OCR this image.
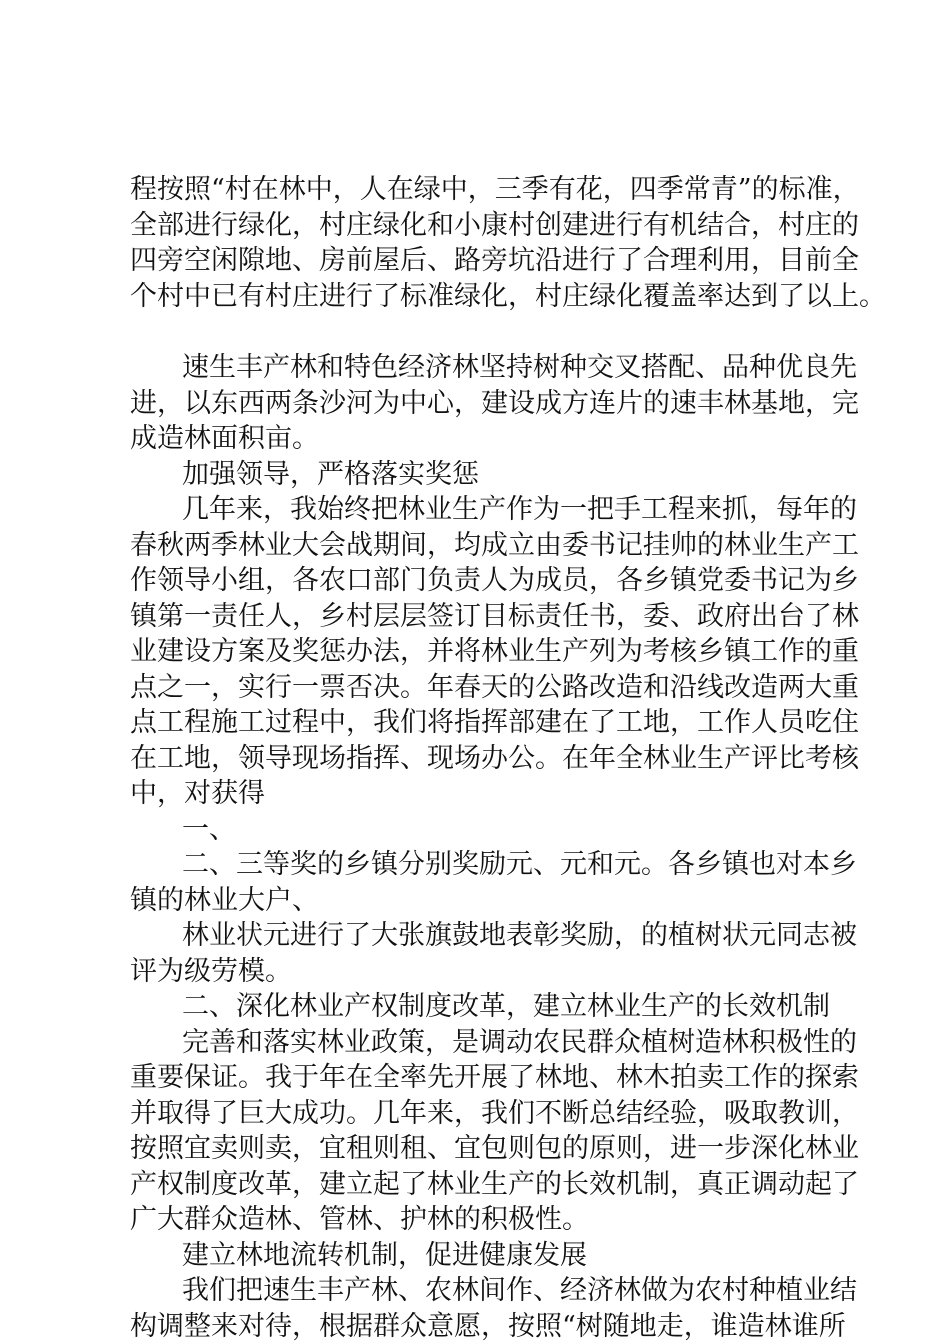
程按照“村在林中，人在绿中，三季有花，四季常青”的标准，
全部进行绿化，村庄绿化和小康村创建进行有机结合，村庄的
四旁空闲隙地、房前屋后、路旁坑沿进行了合理利用，目前全
个村中已有村庄进行了标准绿化，村庄绿化覆盖率达到了以上。
速生丰产林和特色经济林坚持树种交叉搭配、品种优良先
进，以东西两条沙河为中心，建设成方连片的速丰林基地，完
成造林面积亩。
加强领导，严格落实奖惩
几年来，我始终把林业生产作为一把手工程来抓，每年的
春秋两季林业大会战期间，均成立由委书记挂帅的林业生产工
作领导小组，各农口部门负责人为成员，各乡镇党委书记为乡
镇第一责任人，乡村层层签订目标责任书，委、政府出台了林
业建设方案及奖惩办法，并将林业生产列为考核乡镇工作的重
点之一，实行一票否决。年春天的公路改造和沿线改造两大重
点工程施工过程中，我们将指挥部建在了工地，工作人员吃住
在工地，领导现场指挥、现场办公。在年全林业生产评比考核
中，对获得
一、
二、三等奖的乡镇分别奖励元、元和元。各乡镇也对本乡
镇的林业大户、
林业状元进行了大张旗鼓地表彰奖励，的植树状元同志被
评为级劳模。
二、深化林业产权制度改革，建立林业生产的长效机制
完善和落实林业政策，是调动农民群众植树造林积极性的
重要保证。我于年在全率先开展了林地、林木拍卖工作的探索
并取得了巨大成功。几年来，我们不断总结经验，吸取教训，
按照宜卖则卖，宜租则租、宜包则包的原则，进一步深化林业
产权制度改革，建立起了林业生产的长效机制，真正调动起了
广大群众造林、管林、护林的积极性。
建立林地流转机制，促进健康发展
我们把速生丰产林、农林间作、经济林做为农村种植业结
构调整来对待，根据群众意愿，按照“树随地走，谁造林谁所
